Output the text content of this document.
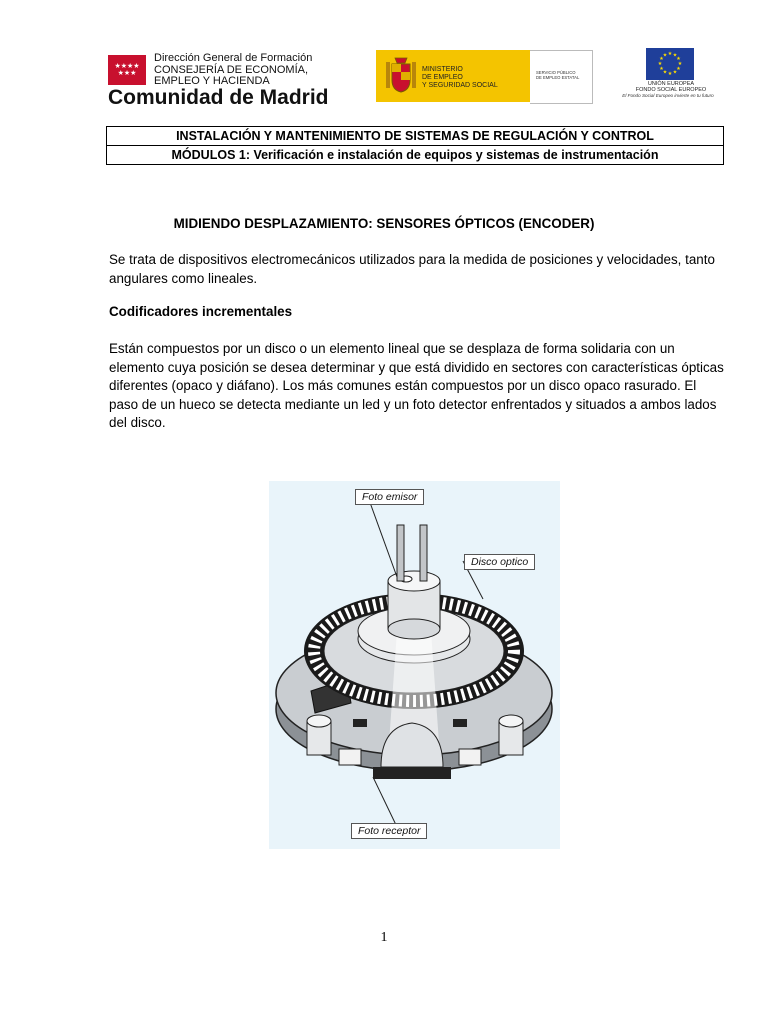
★★★★
★★★
Dirección General de Formación
CONSEJERÍA DE ECONOMÍA,
EMPLEO Y HACIENDA
Comunidad de Madrid
MINISTERIO
DE EMPLEO
Y SEGURIDAD SOCIAL
SERVICIO PÚBLICO
DE EMPLEO ESTATAL
★ ★
★
★
★
★
★
★
★
★
★
★
UNIÓN EUROPEA
FONDO SOCIAL EUROPEO
El Fondo Social Europeo invierte en tu futuro
INSTALACIÓN Y MANTENIMIENTO DE SISTEMAS DE REGULACIÓN Y CONTROL
MÓDULOS 1: Verificación e instalación de equipos y sistemas de instrumentación
MIDIENDO DESPLAZAMIENTO: SENSORES ÓPTICOS (ENCODER)
Se trata de dispositivos electromecánicos utilizados para la medida de posiciones y velocidades, tanto angulares como lineales.
Codificadores incrementales
Están compuestos por un disco o un elemento lineal que se desplaza de forma solidaria con un elemento cuya posición se desea determinar y que está dividido en sectores con características ópticas diferentes (opaco y diáfano). Los más comunes están compuestos por un disco opaco rasurado. El paso de un hueco se detecta mediante un led y un foto detector enfrentados y situados a ambos lados del disco.
Foto emisor
Disco optico
Foto receptor
1
